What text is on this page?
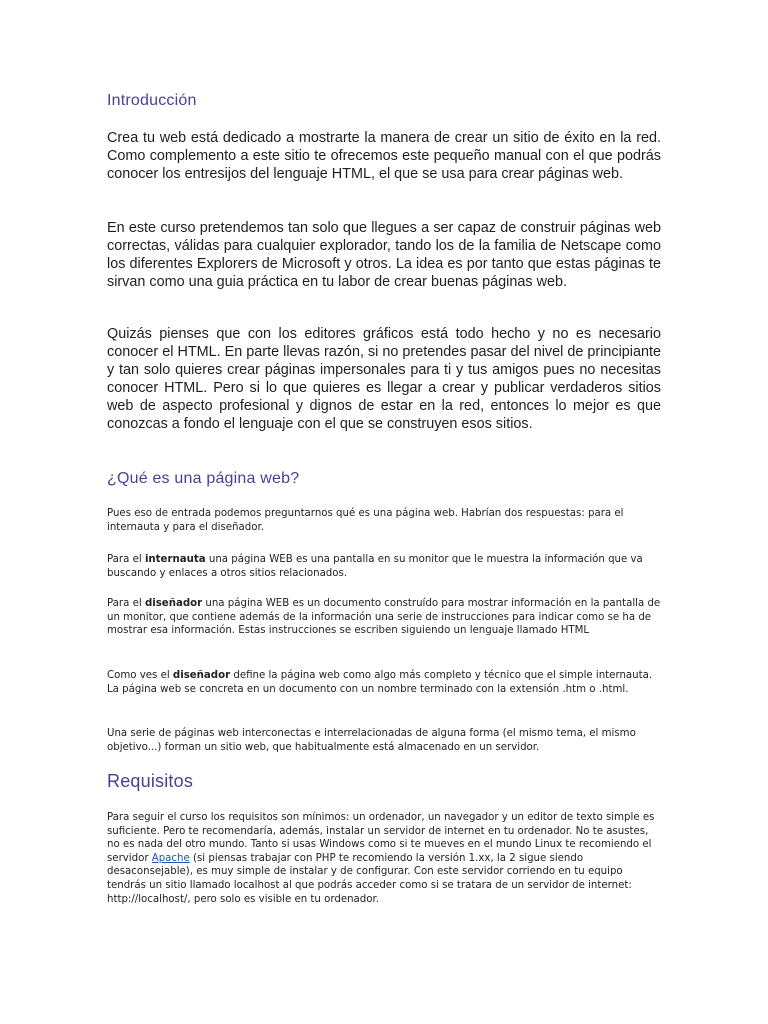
Introducción

Crea tu web está dedicado a mostrarte la manera de crear un sitio de éxito en la red. Como complemento a este sitio te ofrecemos este pequeño manual con el que podrás conocer los entresijos del lenguaje HTML, el que se usa para crear páginas web.

En este curso pretendemos tan solo que llegues a ser capaz de construir páginas web correctas, válidas para cualquier explorador, tando los de la familia de Netscape como los diferentes Explorers de Microsoft y otros. La idea es por tanto que estas páginas te sirvan como una guia práctica en tu labor de crear buenas páginas web.

Quizás pienses que con los editores gráficos está todo hecho y no es necesario conocer el HTML. En parte llevas razón, si no pretendes pasar del nivel de principiante y tan solo quieres crear páginas impersonales para ti y tus amigos pues no necesitas conocer HTML. Pero si lo que quieres es llegar a crear y publicar verdaderos sitios web de aspecto profesional y dignos de estar en la red, entonces lo mejor es que conozcas a fondo el lenguaje con el que se construyen esos sitios.

¿Qué es una página web?

Pues eso de entrada podemos preguntarnos qué es una página web. Habrían dos respuestas: para el internauta y para el diseñador.

Para el internauta una página WEB es una pantalla en su monitor que le muestra la información que va buscando y enlaces a otros sitios relacionados.

Para el diseñador una página WEB es un documento construído para mostrar información en la pantalla de un monitor, que contiene además de la información una serie de instrucciones para indicar como se ha de mostrar esa información. Estas instrucciones se escriben siguiendo un lenguaje llamado HTML

Como ves el diseñador define la página web como algo más completo y técnico que el simple internauta. La página web se concreta en un documento con un nombre terminado con la extensión .htm o .html.

Una serie de páginas web interconectas e interrelacionadas de alguna forma (el mismo tema, el mismo objetivo...) forman un sitio web, que habitualmente está almacenado en un servidor.

Requisitos

Para seguir el curso los requisitos son mínimos: un ordenador, un navegador y un editor de texto simple es suficiente. Pero te recomendaría, además, instalar un servidor de internet en tu ordenador. No te asustes, no es nada del otro mundo. Tanto si usas Windows como si te mueves en el mundo Linux te recomiendo el servidor Apache (si piensas trabajar con PHP te recomiendo la versión 1.xx, la 2 sigue siendo desaconsejable), es muy simple de instalar y de configurar. Con este servidor corriendo en tu equipo tendrás un sitio llamado localhost al que podrás acceder como si se tratara de un servidor de internet: http://localhost/, pero solo es visible en tu ordenador.
